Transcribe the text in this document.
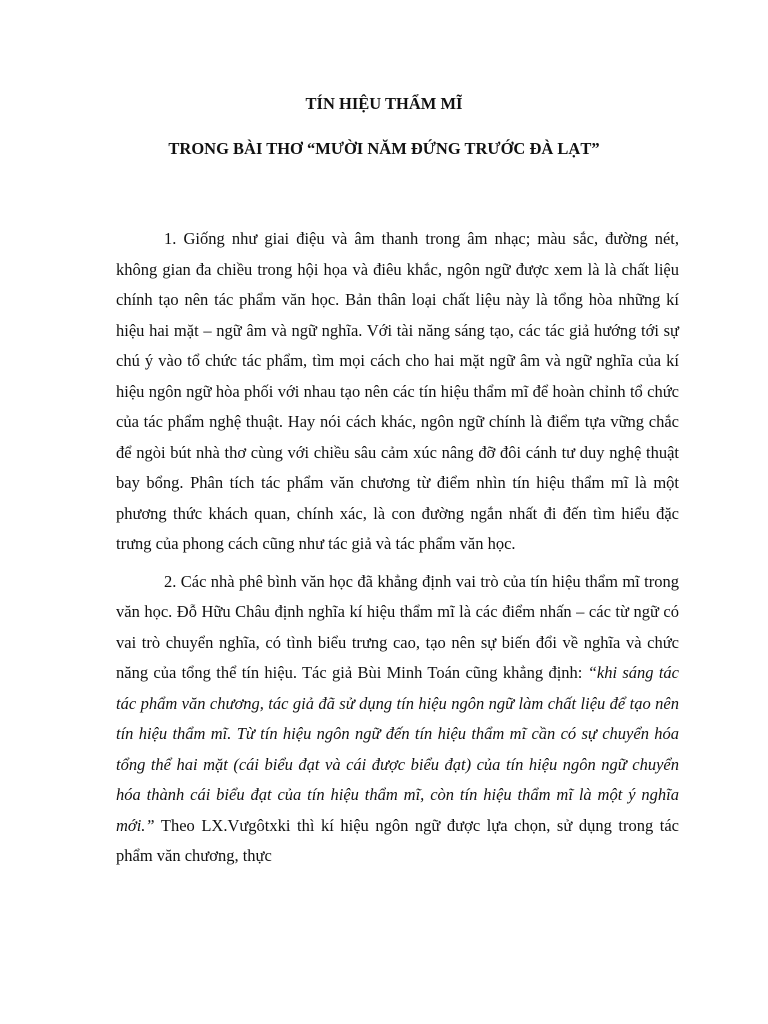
TÍN HIỆU THẨM MĨ
TRONG BÀI THƠ “MƯỜI NĂM ĐỨNG TRƯỚC ĐÀ LẠT”

1. Giống như giai điệu và âm thanh trong âm nhạc; màu sắc, đường nét, không gian đa chiều trong hội họa và điêu khắc, ngôn ngữ được xem là là chất liệu chính tạo nên tác phẩm văn học. Bản thân loại chất liệu này là tổng hòa những kí hiệu hai mặt – ngữ âm và ngữ nghĩa. Với tài năng sáng tạo, các tác giả hướng tới sự chú ý vào tổ chức tác phẩm, tìm mọi cách cho hai mặt ngữ âm và ngữ nghĩa của kí hiệu ngôn ngữ hòa phối với nhau tạo nên các tín hiệu thẩm mĩ để hoàn chỉnh tổ chức của tác phẩm nghệ thuật. Hay nói cách khác, ngôn ngữ chính là điểm tựa vững chắc để ngòi bút nhà thơ cùng với chiều sâu cảm xúc nâng đỡ đôi cánh tư duy nghệ thuật bay bổng. Phân tích tác phẩm văn chương từ điểm nhìn tín hiệu thẩm mĩ là một phương thức khách quan, chính xác, là con đường ngắn nhất đi đến tìm hiểu đặc trưng của phong cách cũng như tác giả và tác phẩm văn học.

2. Các nhà phê bình văn học đã khẳng định vai trò của tín hiệu thẩm mĩ trong văn học. Đỗ Hữu Châu định nghĩa kí hiệu thẩm mĩ là các điểm nhấn – các từ ngữ có vai trò chuyển nghĩa, có tình biểu trưng cao, tạo nên sự biến đổi về nghĩa và chức năng của tổng thể tín hiệu. Tác giả Bùi Minh Toán cũng khẳng định: “khi sáng tác tác phẩm văn chương, tác giả đã sử dụng tín hiệu ngôn ngữ làm chất liệu để tạo nên tín hiệu thẩm mĩ. Từ tín hiệu ngôn ngữ đến tín hiệu thẩm mĩ cần có sự chuyển hóa tổng thể hai mặt (cái biểu đạt và cái được biểu đạt) của tín hiệu ngôn ngữ chuyển hóa thành cái biểu đạt của tín hiệu thẩm mĩ, còn tín hiệu thẩm mĩ là một ý nghĩa mới.” Theo LX.Vưgôtxki thì kí hiệu ngôn ngữ được lựa chọn, sử dụng trong tác phẩm văn chương, thực
